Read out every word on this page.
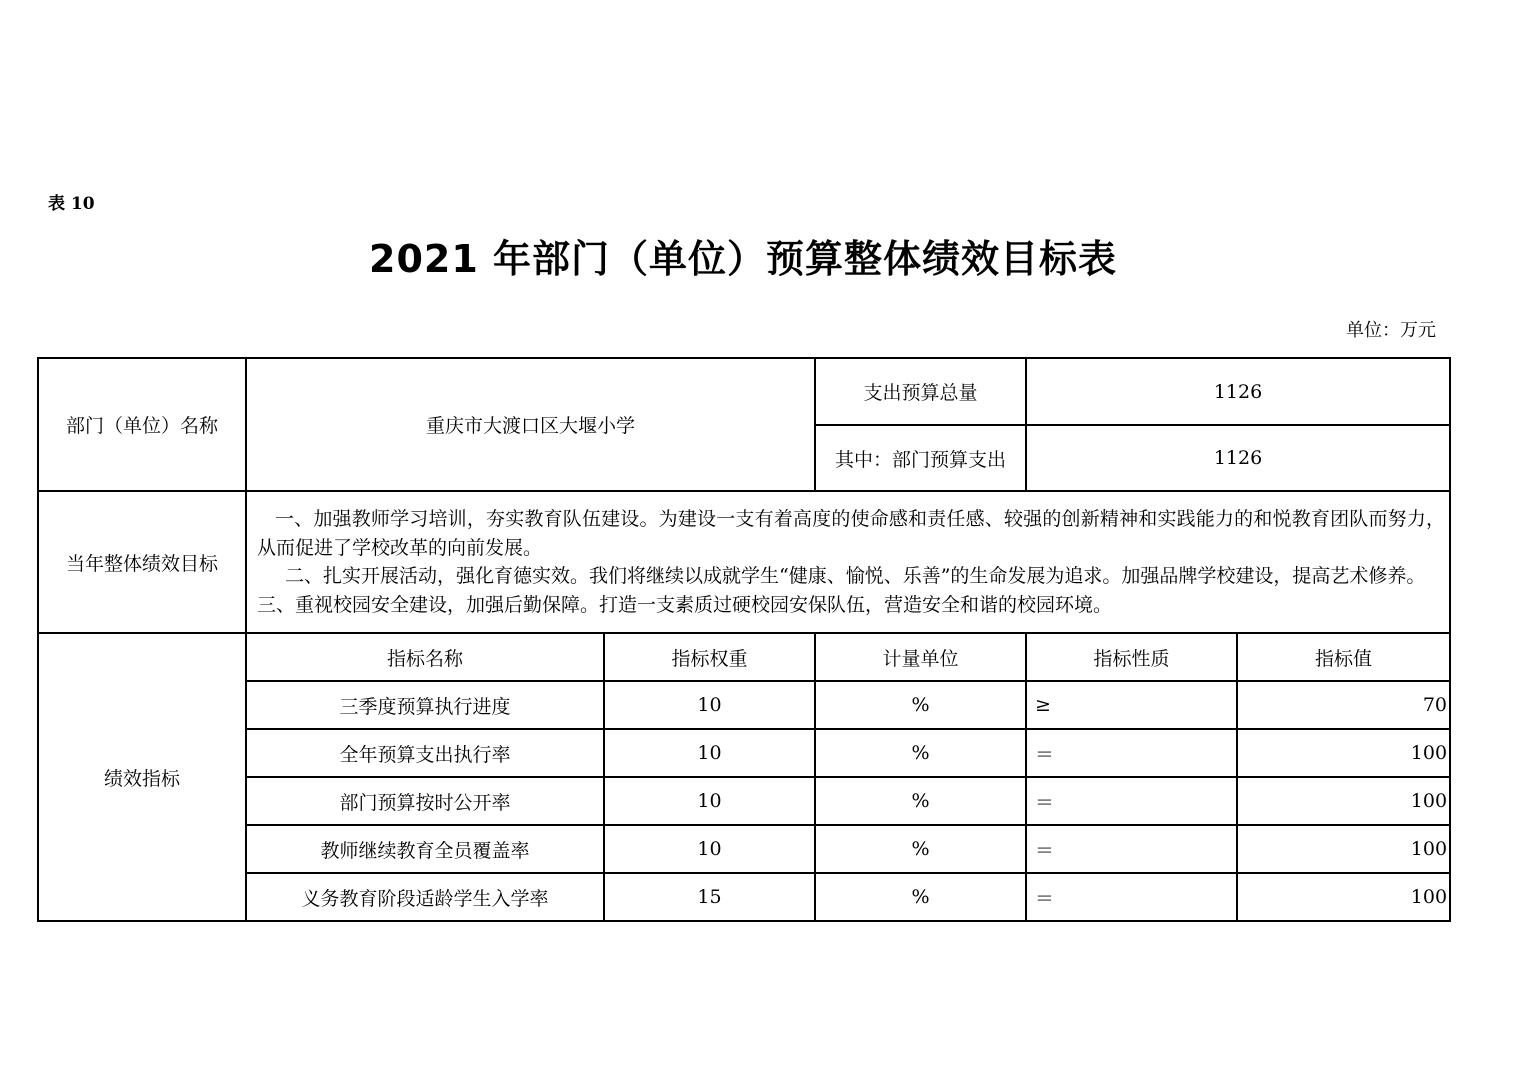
表 10
2021 年部门（单位）预算整体绩效目标表
单位：万元
部门（单位）名称	重庆市大渡口区大堰小学		支出预算总量	1126	
			其中：部门预算支出	1126	
当年整体绩效目标	一、加强教师学习培训，夯实教育队伍建设。为建设一支有着高度的使命感和责任感、较强的创新精神和实践能力的和悦教育团队而努力，从而促进了学校改革的向前发展。
二、扎实开展活动，强化育德实效。我们将继续以成就学生“健康、愉悦、乐善”的生命发展为追求。加强品牌学校建设，提高艺术修养。
三、重视校园安全建设，加强后勤保障。打造一支素质过硬校园安保队伍，营造安全和谐的校园环境。				

绩效指标	指标名称	指标权重	计量单位	指标性质	指标值
	三季度预算执行进度	10	%	≥	70
	全年预算支出执行率	10	%	＝	100
	部门预算按时公开率	10	%	＝	100
	教师继续教育全员覆盖率	10	%	＝	100
	义务教育阶段适龄学生入学率	15	%	＝	100
